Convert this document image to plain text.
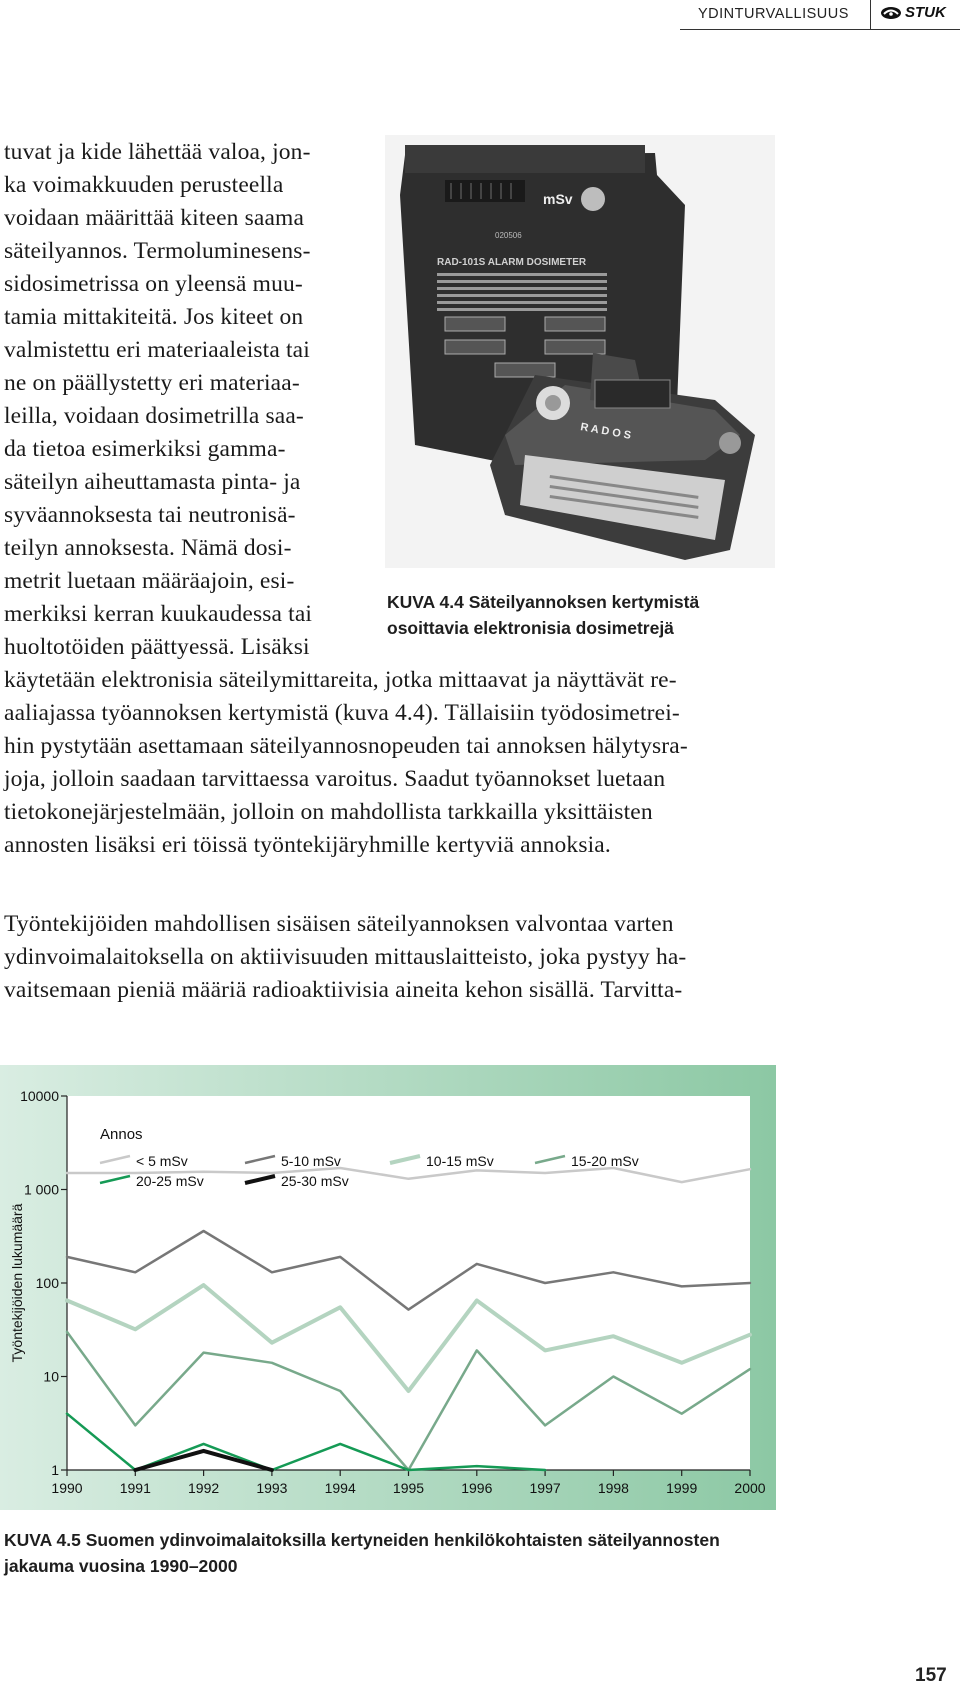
YDINTURVALLISUUS	STUK
tuvat ja kide lähettää valoa, jon-
ka voimakkuuden perusteella
voidaan määrittää kiteen saama
säteilyannos. Termoluminesens-
sidosimetrissa on yleensä muu-
tamia mittakiteitä. Jos kiteet on
valmistettu eri materiaaleista tai
ne on päällystetty eri materiaa-
leilla, voidaan dosimetrilla saa-
da tietoa esimerkiksi gamma-
säteilyn aiheuttamasta pinta- ja
syväannoksesta tai neutronisä-
teilyn annoksesta. Nämä dosi-
metrit luetaan määräajoin, esi-
merkiksi kerran kuukaudessa tai
huoltotöiden päättyessä. Lisäksi
käytetään elektronisia säteilymittareita, jotka mittaavat ja näyttävät re-
aaliajassa työannoksen kertymistä (kuva 4.4). Tällaisiin työdosimetrei-
hin pystytään asettamaan säteilyannosnopeuden tai annoksen hälytysra-
joja, jolloin saadaan tarvittaessa varoitus. Saadut työannokset luetaan
tietokonejärjestelmään, jolloin on mahdollista tarkkailla yksittäisten
annosten lisäksi eri töissä työntekijäryhmille kertyviä annoksia.
Työntekijöiden mahdollisen sisäisen säteilyannoksen valvontaa varten
ydinvoimalaitoksella on aktiivisuuden mittauslaitteisto, joka pystyy ha-
vaitsemaan pieniä määriä radioaktiivisia aineita kehon sisällä. Tarvitta-
mSv
020506
RAD-101S ALARM DOSIMETER
R A D O S
KUVA 4.4 Säteilyannoksen kertymistä
osoittavia elektronisia dosimetrejä
1
10
100
1 000
10000
1990	1991	1992	1993	1994	1995	1996	1997	1998	1999	2000
Työntekijöiden lukumäärä
Annos
< 5 mSv	5-10 mSv	10-15 mSv	15-20 mSv
20-25 mSv	25-30 mSv
KUVA 4.5 Suomen ydinvoimalaitoksilla kertyneiden henkilökohtaisten säteilyannosten
jakauma vuosina 1990–2000
157
